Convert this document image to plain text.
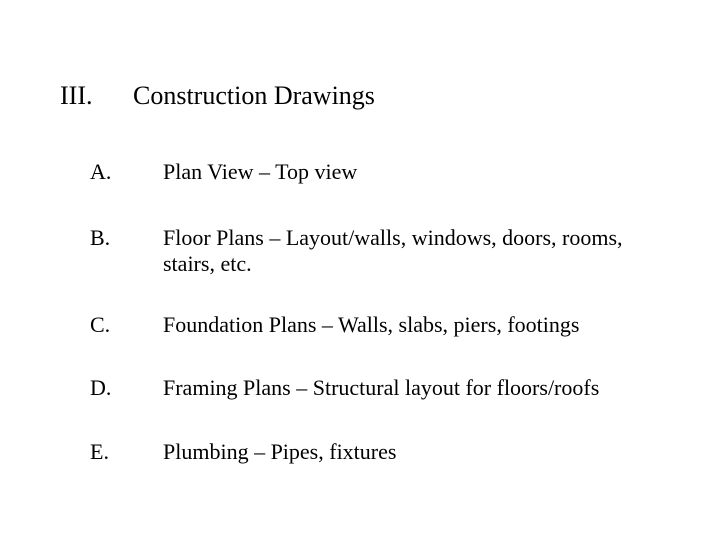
III. Construction Drawings
A. Plan View – Top view
B. Floor Plans – Layout/walls, windows, doors, rooms, stairs, etc.
C. Foundation Plans – Walls, slabs, piers, footings
D. Framing Plans – Structural layout for floors/roofs
E. Plumbing – Pipes, fixtures
